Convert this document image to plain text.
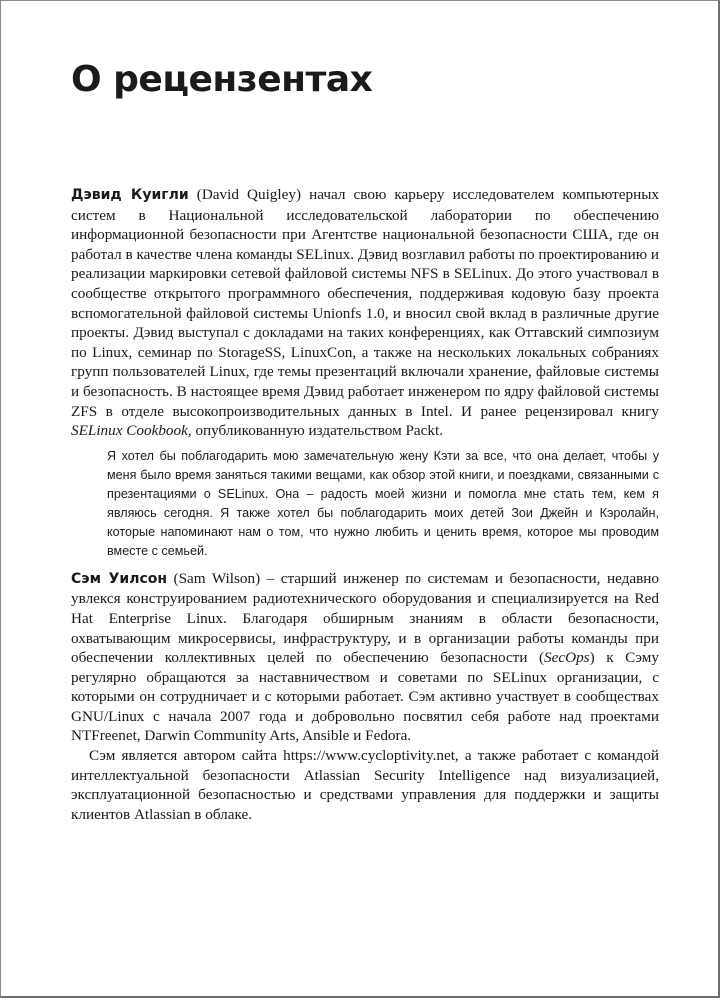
О рецензентах

Дэвид Куигли (David Quigley) начал свою карьеру исследователем компьютерных систем в Национальной исследовательской лаборатории по обеспечению информационной безопасности при Агентстве национальной безопасности США, где он работал в качестве члена команды SELinux. Дэвид возглавил работы по проектированию и реализации маркировки сетевой файловой системы NFS в SELinux. До этого участвовал в сообществе открытого программного обеспечения, поддерживая кодовую базу проекта вспомогательной файловой системы Unionfs 1.0, и вносил свой вклад в различные другие проекты. Дэвид выступал с докладами на таких конференциях, как Оттавский симпозиум по Linux, семинар по StorageSS, LinuxCon, а также на нескольких локальных собраниях групп пользователей Linux, где темы презентаций включали хранение, файловые системы и безопасность. В настоящее время Дэвид работает инженером по ядру файловой системы ZFS в отделе высокопроизводительных данных в Intel. И ранее рецензировал книгу SELinux Cookbook, опубликованную издательством Packt.

Я хотел бы поблагодарить мою замечательную жену Кэти за все, что она делает, чтобы у меня было время заняться такими вещами, как обзор этой книги, и поездками, связанными с презентациями о SELinux. Она – радость моей жизни и помогла мне стать тем, кем я являюсь сегодня. Я также хотел бы поблагодарить моих детей Зои Джейн и Кэролайн, которые напоминают нам о том, что нужно любить и ценить время, которое мы проводим вместе с семьей.

Сэм Уилсон (Sam Wilson) – старший инженер по системам и безопасности, недавно увлекся конструированием радиотехнического оборудования и специализируется на Red Hat Enterprise Linux. Благодаря обширным знаниям в области безопасности, охватывающим микросервисы, инфраструктуру, и в организации работы команды при обеспечении коллективных целей по обеспечению безопасности (SecOps) к Сэму регулярно обращаются за наставничеством и советами по SELinux организации, с которыми он сотрудничает и с которыми работает. Сэм активно участвует в сообществах GNU/Linux с начала 2007 года и добровольно посвятил себя работе над проектами NTFreenet, Darwin Community Arts, Ansible и Fedora.

Сэм является автором сайта https://www.cycloptivity.net, а также работает с командой интеллектуальной безопасности Atlassian Security Intelligence над визуализацией, эксплуатационной безопасностью и средствами управления для поддержки и защиты клиентов Atlassian в облаке.
